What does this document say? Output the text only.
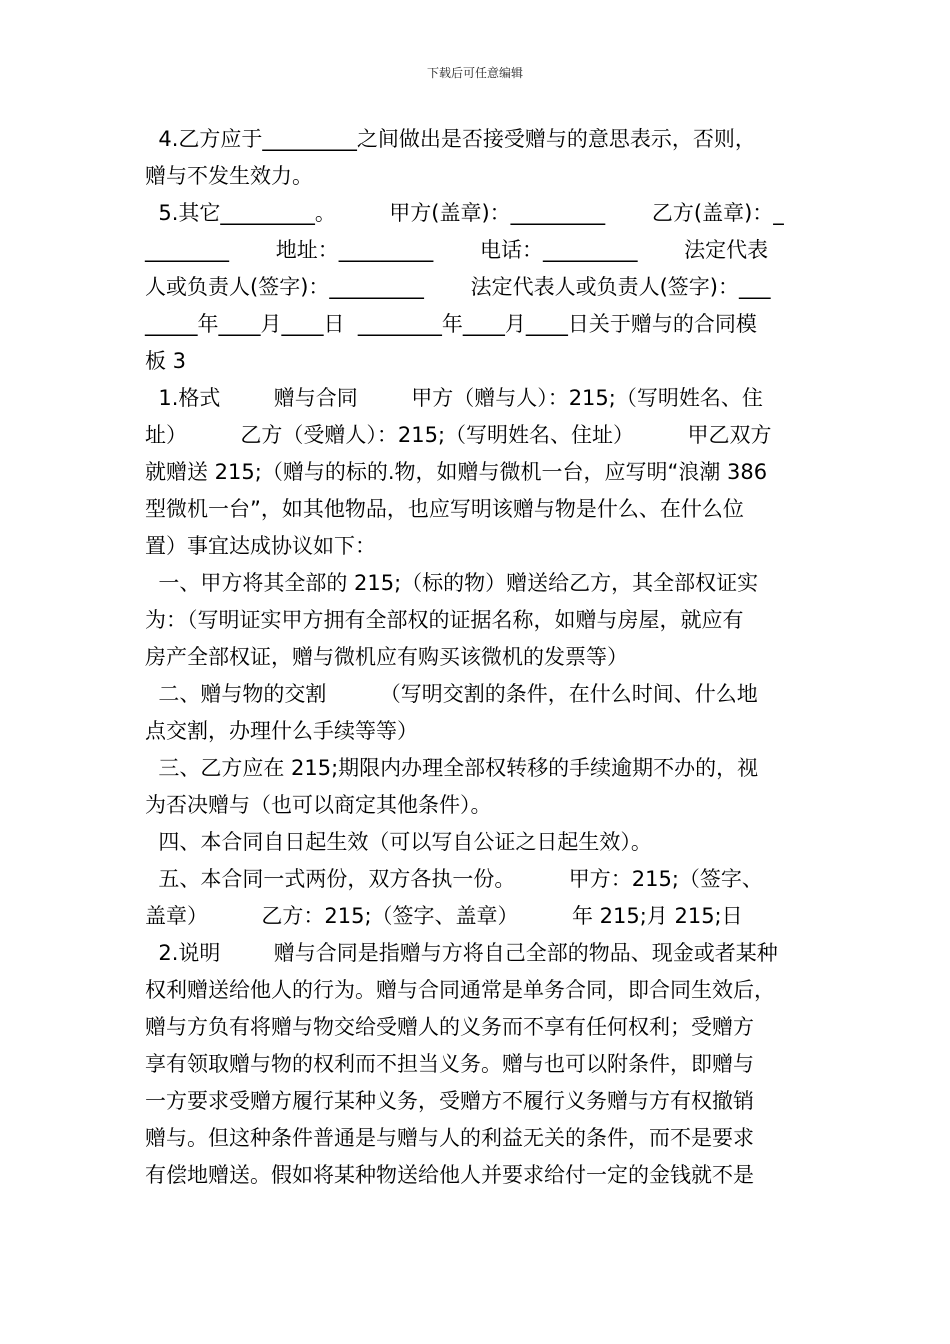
下载后可任意编辑
4.乙方应于_________之间做出是否接受赠与的意思表示，否则，
赠与不发生效力。
5.其它_________。        甲方(盖章)：_________       乙方(盖章)：_
________       地址：_________       电话：_________       法定代表
人或负责人(签字)：_________       法定代表人或负责人(签字)：___
_____年____月____日  ________年____月____日关于赠与的合同模
板 3
1.格式        赠与合同        甲方（赠与人）：215;（写明姓名、住
址）        乙方（受赠人）：215;（写明姓名、住址）        甲乙双方
就赠送 215;（赠与的标的.物，如赠与微机一台，应写明“浪潮 386
型微机一台”，如其他物品，也应写明该赠与物是什么、在什么位
置）事宜达成协议如下：
一、甲方将其全部的 215;（标的物）赠送给乙方，其全部权证实
为：（写明证实甲方拥有全部权的证据名称，如赠与房屋，就应有
房产全部权证，赠与微机应有购买该微机的发票等）
二、赠与物的交割        （写明交割的条件，在什么时间、什么地
点交割，办理什么手续等等）
三、乙方应在 215;期限内办理全部权转移的手续逾期不办的，视
为否决赠与（也可以商定其他条件）。
四、本合同自日起生效（可以写自公证之日起生效）。
五、本合同一式两份，双方各执一份。        甲方：215;（签字、
盖章）        乙方：215;（签字、盖章）        年 215;月 215;日
2.说明        赠与合同是指赠与方将自己全部的物品、现金或者某种
权利赠送给他人的行为。赠与合同通常是单务合同，即合同生效后，
赠与方负有将赠与物交给受赠人的义务而不享有任何权利；受赠方
享有领取赠与物的权利而不担当义务。赠与也可以附条件，即赠与
一方要求受赠方履行某种义务，受赠方不履行义务赠与方有权撤销
赠与。但这种条件普通是与赠与人的利益无关的条件，而不是要求
有偿地赠送。假如将某种物送给他人并要求给付一定的金钱就不是
